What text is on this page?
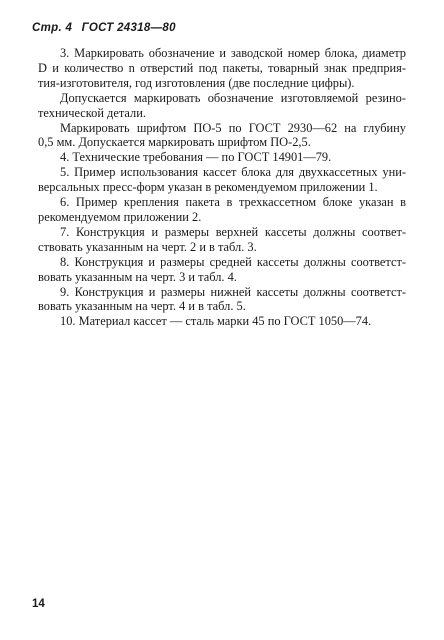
Стр. 4 ГОСТ 24318—80
3. Маркировать обозначение и заводской номер блока, диаметр
D и количество n отверстий под пакеты, товарный знак предприя-
тия-изготовителя, год изготовления (две последние цифры).
Допускается маркировать обозначение изготовляемой резино-
технической детали.
Маркировать шрифтом ПО-5 по ГОСТ 2930—62 на глубину
0,5 мм. Допускается маркировать шрифтом ПО-2,5.
4. Технические требования — по ГОСТ 14901—79.
5. Пример использования кассет блока для двухкассетных уни-
версальных пресс-форм указан в рекомендуемом приложении 1.
6. Пример крепления пакета в трехкассетном блоке указан в
рекомендуемом приложении 2.
7. Конструкция и размеры верхней кассеты должны соответ-
ствовать указанным на черт. 2 и в табл. 3.
8. Конструкция и размеры средней кассеты должны соответст-
вовать указанным на черт. 3 и табл. 4.
9. Конструкция и размеры нижней кассеты должны соответст-
вовать указанным на черт. 4 и в табл. 5.
10. Материал кассет — сталь марки 45 по ГОСТ 1050—74.
14
